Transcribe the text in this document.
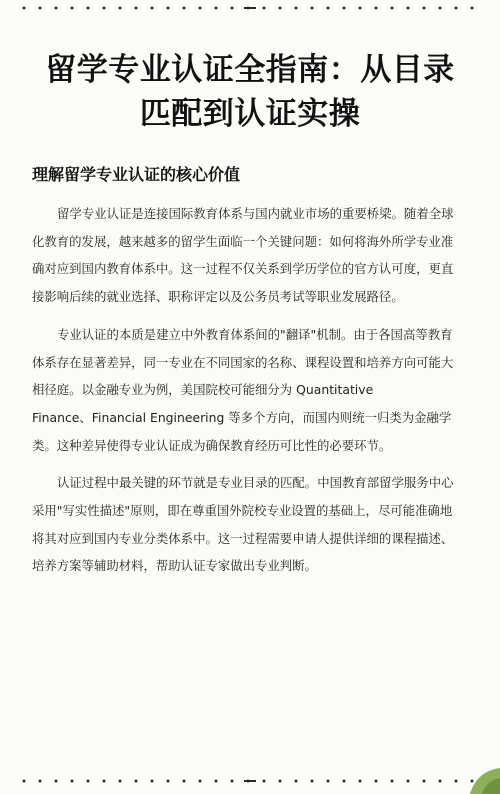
留学专业认证全指南：从目录
匹配到认证实操
理解留学专业认证的核心价值
留学专业认证是连接国际教育体系与国内就业市场的重要桥梁。随着全球
化教育的发展，越来越多的留学生面临一个关键问题：如何将海外所学专业准
确对应到国内教育体系中。这一过程不仅关系到学历学位的官方认可度，更直
接影响后续的就业选择、职称评定以及公务员考试等职业发展路径。
专业认证的本质是建立中外教育体系间的"翻译"机制。由于各国高等教育
体系存在显著差异，同一专业在不同国家的名称、课程设置和培养方向可能大
相径庭。以金融专业为例，美国院校可能细分为 Quantitative
Finance、Financial Engineering 等多个方向，而国内则统一归类为金融学
类。这种差异使得专业认证成为确保教育经历可比性的必要环节。
认证过程中最关键的环节就是专业目录的匹配。中国教育部留学服务中心
采用"写实性描述"原则，即在尊重国外院校专业设置的基础上，尽可能准确地
将其对应到国内专业分类体系中。这一过程需要申请人提供详细的课程描述、
培养方案等辅助材料，帮助认证专家做出专业判断。
